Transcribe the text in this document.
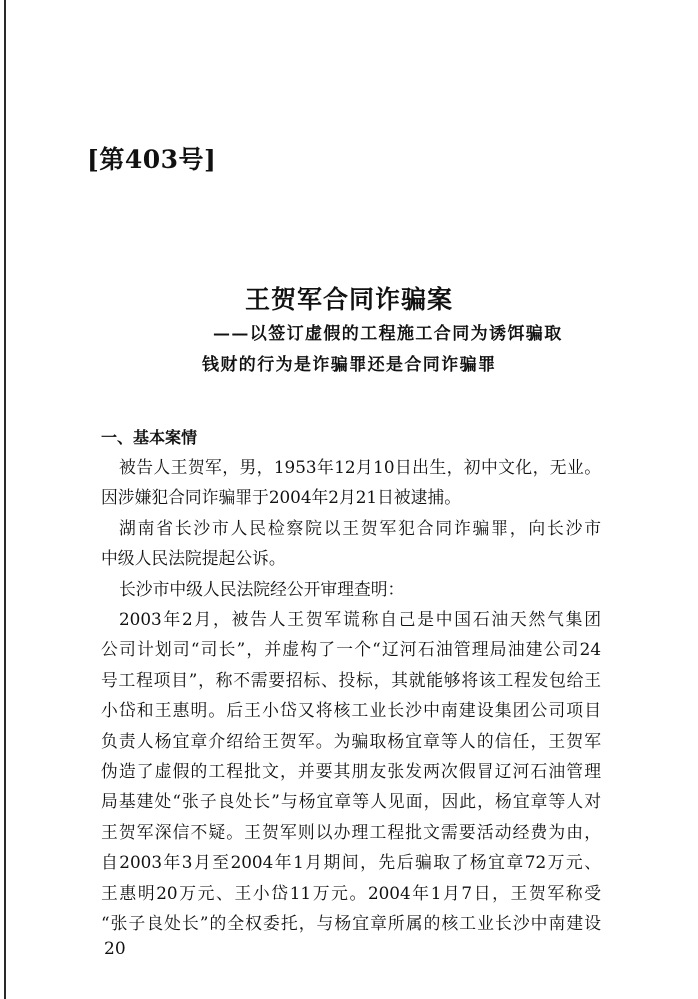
[第403号]
王贺军合同诈骗案
——以签订虚假的工程施工合同为诱饵骗取
钱财的行为是诈骗罪还是合同诈骗罪
一、基本案情
被告人王贺军，男，1953年12月10日出生，初中文化，无业。
因涉嫌犯合同诈骗罪于2004年2月21日被逮捕。
湖南省长沙市人民检察院以王贺军犯合同诈骗罪，向长沙市
中级人民法院提起公诉。
长沙市中级人民法院经公开审理查明：
2003年2月，被告人王贺军谎称自己是中国石油天然气集团
公司计划司“司长”，并虚构了一个“辽河石油管理局油建公司24
号工程项目”，称不需要招标、投标，其就能够将该工程发包给王
小岱和王惠明。后王小岱又将核工业长沙中南建设集团公司项目
负责人杨宜章介绍给王贺军。为骗取杨宜章等人的信任，王贺军
伪造了虚假的工程批文，并要其朋友张发两次假冒辽河石油管理
局基建处“张子良处长”与杨宜章等人见面，因此，杨宜章等人对
王贺军深信不疑。王贺军则以办理工程批文需要活动经费为由，
自2003年3月至2004年1月期间，先后骗取了杨宜章72万元、
王惠明20万元、王小岱11万元。2004年1月7日，王贺军称受
“张子良处长”的全权委托，与杨宜章所属的核工业长沙中南建设
20
